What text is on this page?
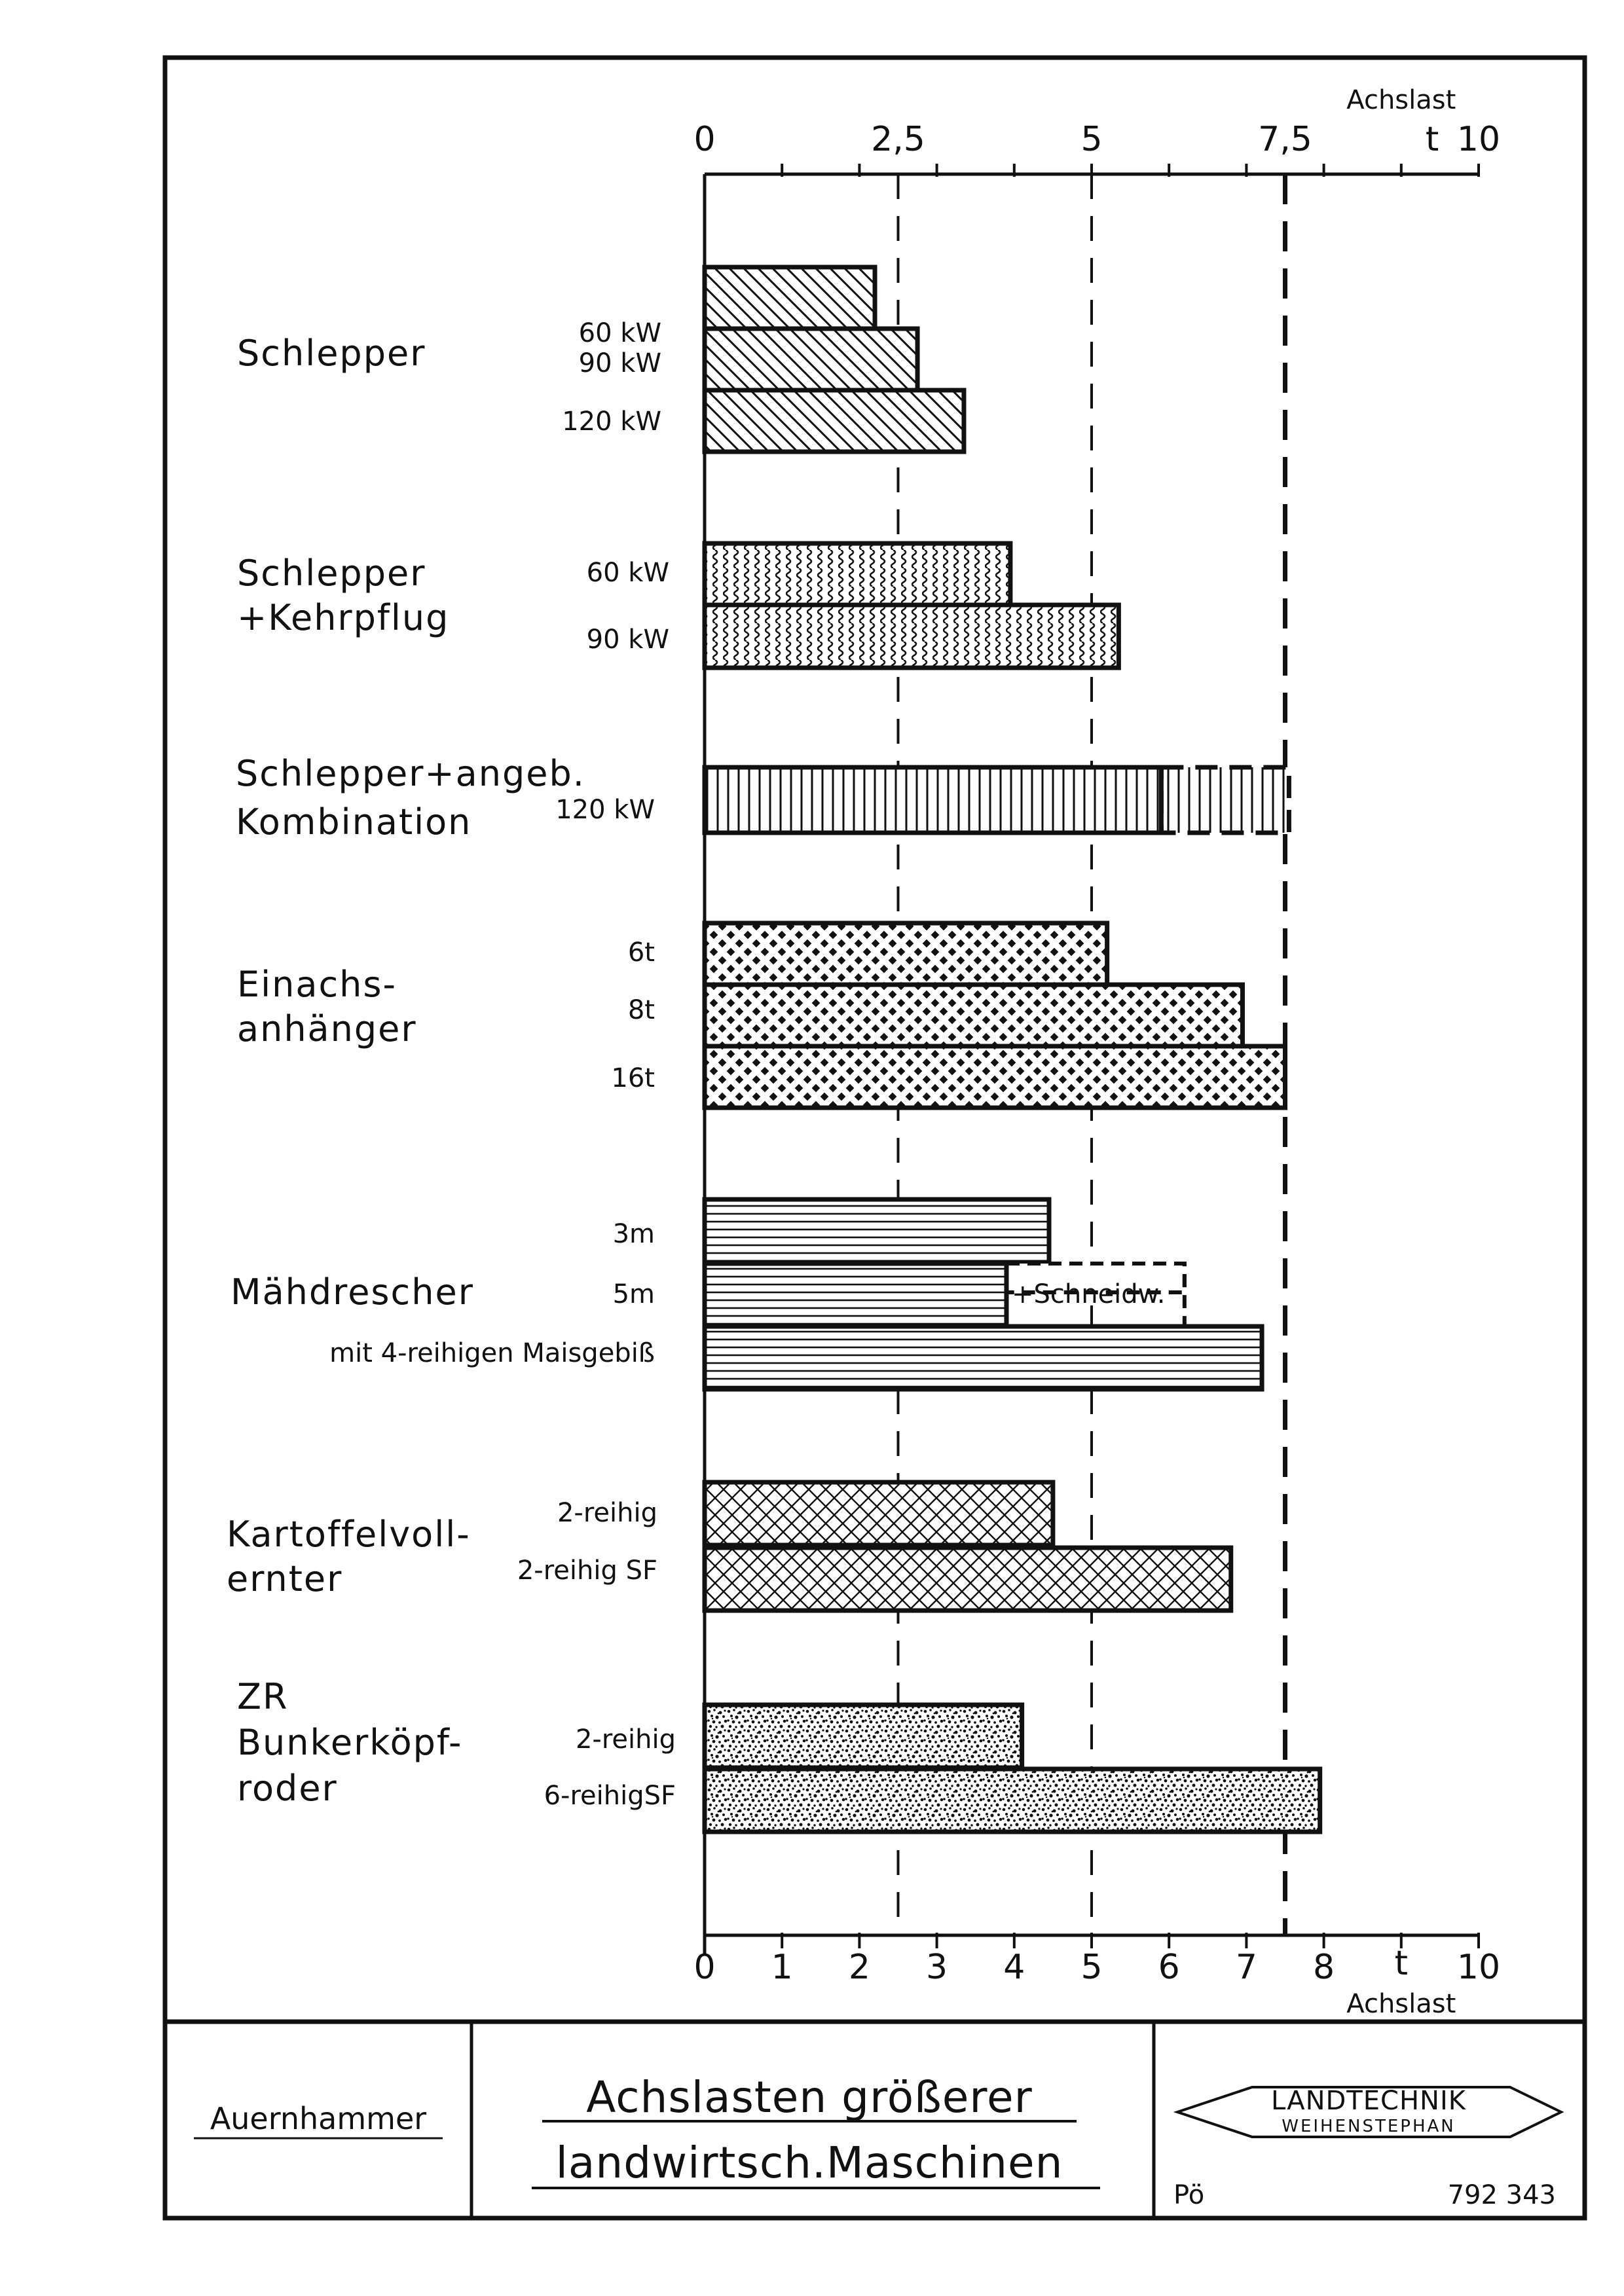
0	2,5	5	7,5	10
t
Achslast
0 1 2 3 4 5 6 7 8	10
t
Achslast
+Schneidw.
60 kW
90 kW
120 kW
Schlepper
60 kW
90 kW
Schlepper
+Kehrpflug
120 kW
Schlepper+angeb.
Kombination
6t
8t
16t
Einachs-
anhänger
3m
5m
mit 4-reihigen Maisgebiß
Mähdrescher
2-reihig
2-reihig SF
Kartoffelvoll-
ernter
2-reihig
6-reihigSF
ZR
Bunkerköpf-
roder
Auernhammer	Achslasten größerer
landwirtsch.Maschinen
LANDTECHNIK
WEIHENSTEPHAN
Pö	792 343
